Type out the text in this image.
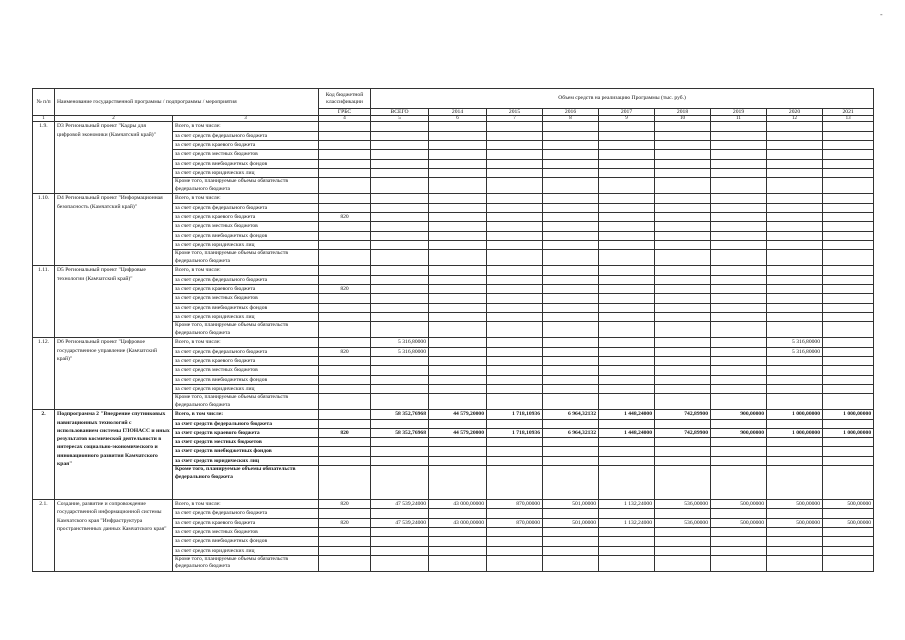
-
№ п/п	Наименование государственной программы / подпрограммы / мероприятия		Код бюджетной классификации	Объем средств на реализацию Программы (тыс. руб.)								
			ГРБС	ВСЕГО	2014	2015	2016	2017	2018	2019	2020	2021
1	2	3	4	5	6	7	8	9	10	11	12	13
1.9.	D3 Региональный проект "Кадры для цифровой экономики (Камчатский край)"	Всего, в том числе:										
		за счет средств федерального бюджета										
		за счет средств краевого бюджета										
		за счет средств местных бюджетов										
		за счет средств внебюджетных фондов										
		за счет средств юридических лиц										
		Кроме того, планируемые объемы обязательств федерального бюджета										
1.10.	D4 Региональный проект "Информационная безопасность (Камчатский край)"	Всего, в том числе:										
		за счет средств федерального бюджета										
		за счет средств краевого бюджета	820									
		за счет средств местных бюджетов										
		за счет средств внебюджетных фондов										
		за счет средств юридических лиц										
		Кроме того, планируемые объемы обязательств федерального бюджета										
1.11.	D5 Региональный проект "Цифровые технологии (Камчатский край)"	Всего, в том числе:										
		за счет средств федерального бюджета										
		за счет средств краевого бюджета	820									
		за счет средств местных бюджетов										
		за счет средств внебюджетных фондов										
		за счет средств юридических лиц										
		Кроме того, планируемые объемы обязательств федерального бюджета										
1.12.	D6 Региональный проект "Цифровое государственное управление (Камчатский край)"	Всего, в том числе:		5 316,80000							5 316,80000	
		за счет средств федерального бюджета	820	5 316,80000							5 316,80000	
		за счет средств краевого бюджета										
		за счет средств местных бюджетов										
		за счет средств внебюджетных фондов										
		за счет средств юридических лиц										
		Кроме того, планируемые объемы обязательств федерального бюджета										
2.	Подпрограмма 2 "Внедрение спутниковых навигационных технологий с использованием системы ГЛОНАСС и иных результатов космической деятельности в интересах социально-экономического и инновационного развития Камчатского края"	Всего, в том числе:		58 352,76968	44 579,20000	1 718,10936	6 964,32132	1 448,24000	742,89900	900,00000	1 000,00000	1 000,00000
		за счет средств федерального бюджета										
		за счет средств краевого бюджета	820	58 352,76968	44 579,20000	1 718,10936	6 964,32132	1 448,24000	742,89900	900,00000	1 000,00000	1 000,00000
		за счет средств местных бюджетов										
		за счет средств внебюджетных фондов										
		за счет средств юридических лиц										
		Кроме того, планируемые объемы обязательств федерального бюджета										
2.1.	Создание, развитие и сопровождение государственной информационной системы Камчатского края "Инфраструктура пространственных данных Камчатского края"	Всего, в том числе:	820	47 539,24000	43 000,00000	870,00000	501,00000	1 132,24000	536,00000	500,00000	500,00000	500,00000
		за счет средств федерального бюджета										
		за счет средств краевого бюджета	820	47 539,24000	43 000,00000	870,00000	501,00000	1 132,24000	536,00000	500,00000	500,00000	500,00000
		за счет средств местных бюджетов										
		за счет средств внебюджетных фондов										
		за счет средств юридических лиц										
		Кроме того, планируемые объемы обязательств федерального бюджета										
